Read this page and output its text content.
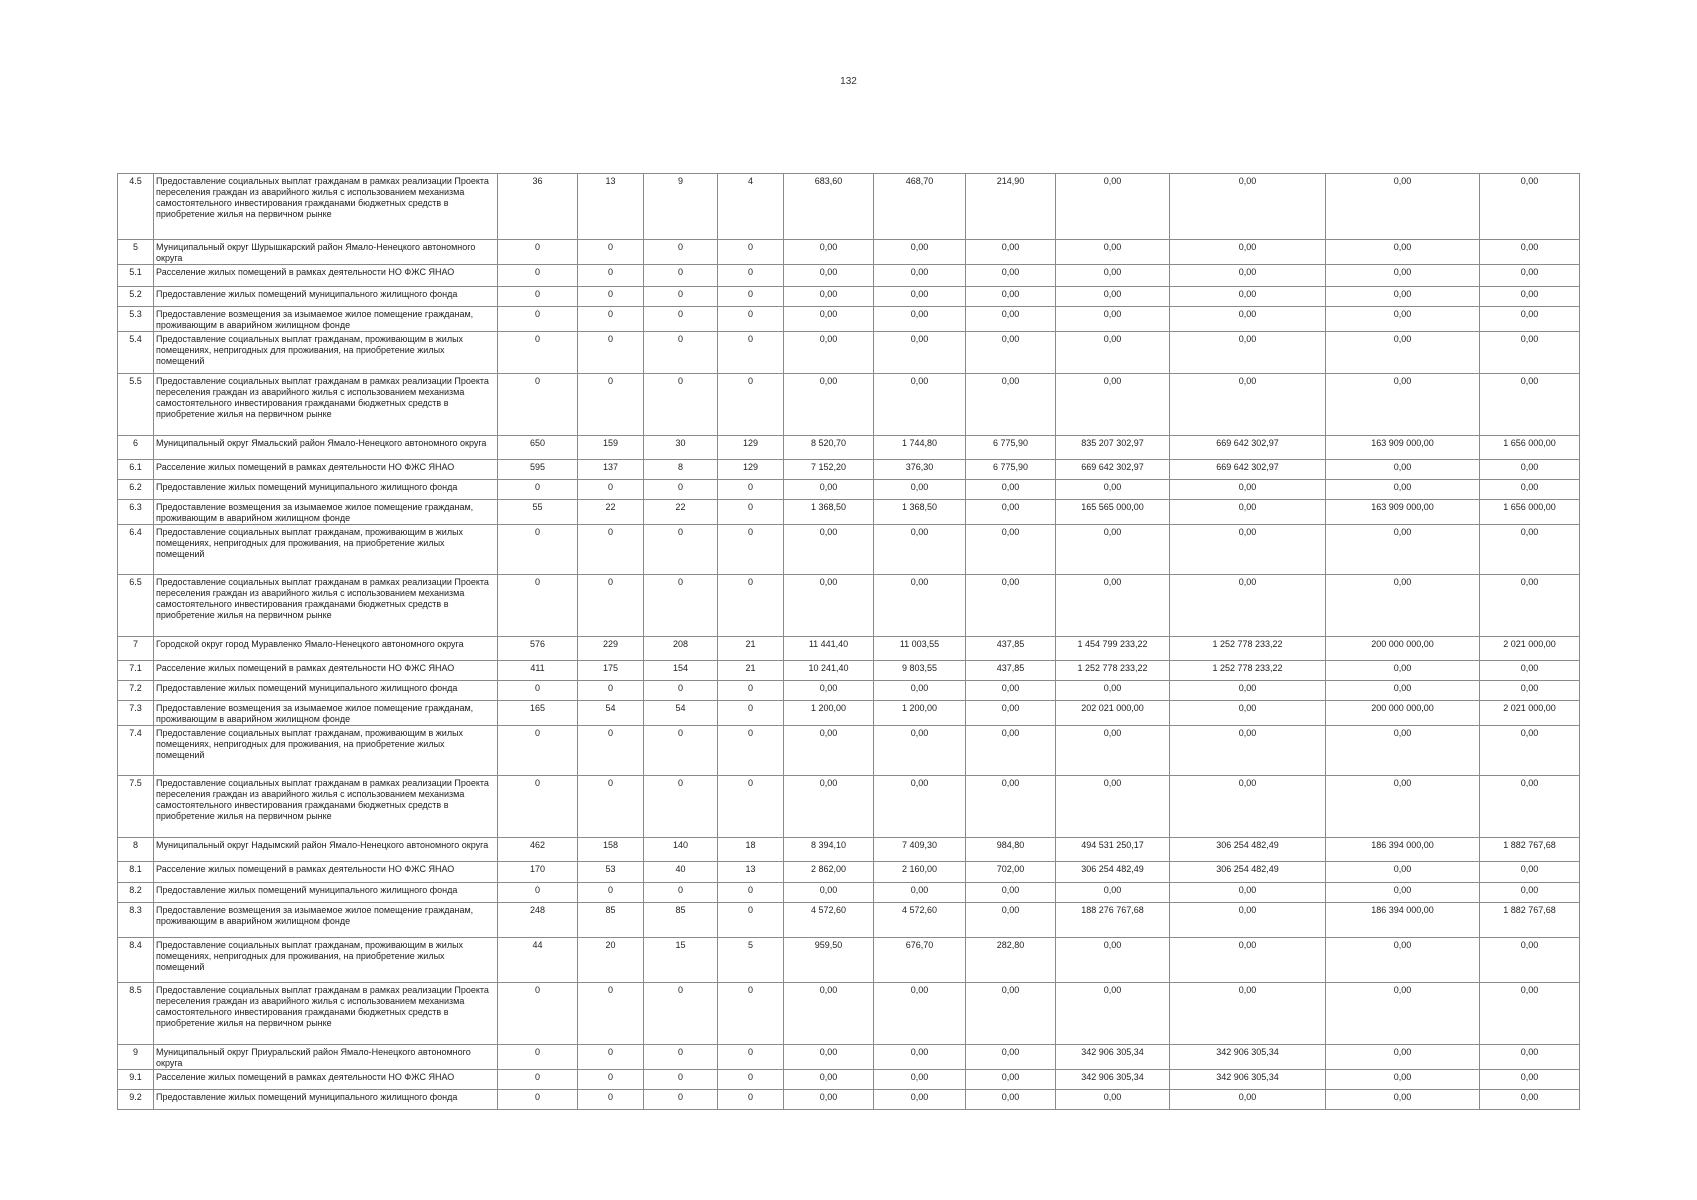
132
4.5	Предоставление социальных выплат гражданам в рамках реализации Проекта переселения граждан из аварийного жилья с использованием механизма самостоятельного инвестирования гражданами бюджетных средств в приобретение жилья на первичном рынке	36	13	9	4	683,60	468,70	214,90	0,00	0,00	0,00	0,00
5	Муниципальный округ Шурышкарский район Ямало-Ненецкого автономного округа	0	0	0	0	0,00	0,00	0,00	0,00	0,00	0,00	0,00
5.1	Расселение жилых помещений в рамках деятельности НО ФЖС ЯНАО	0	0	0	0	0,00	0,00	0,00	0,00	0,00	0,00	0,00
5.2	Предоставление жилых помещений муниципального жилищного фонда	0	0	0	0	0,00	0,00	0,00	0,00	0,00	0,00	0,00
5.3	Предоставление возмещения за изымаемое жилое помещение гражданам, проживающим в аварийном жилищном фонде	0	0	0	0	0,00	0,00	0,00	0,00	0,00	0,00	0,00
5.4	Предоставление социальных выплат гражданам, проживающим в жилых помещениях, непригодных для проживания, на приобретение жилых помещений	0	0	0	0	0,00	0,00	0,00	0,00	0,00	0,00	0,00
5.5	Предоставление социальных выплат гражданам в рамках реализации Проекта переселения граждан из аварийного жилья с использованием механизма самостоятельного инвестирования гражданами бюджетных средств в приобретение жилья на первичном рынке	0	0	0	0	0,00	0,00	0,00	0,00	0,00	0,00	0,00
6	Муниципальный округ Ямальский район Ямало-Ненецкого автономного округа	650	159	30	129	8 520,70	1 744,80	6 775,90	835 207 302,97	669 642 302,97	163 909 000,00	1 656 000,00
6.1	Расселение жилых помещений в рамках деятельности НО ФЖС ЯНАО	595	137	8	129	7 152,20	376,30	6 775,90	669 642 302,97	669 642 302,97	0,00	0,00
6.2	Предоставление жилых помещений муниципального жилищного фонда	0	0	0	0	0,00	0,00	0,00	0,00	0,00	0,00	0,00
6.3	Предоставление возмещения за изымаемое жилое помещение гражданам, проживающим в аварийном жилищном фонде	55	22	22	0	1 368,50	1 368,50	0,00	165 565 000,00	0,00	163 909 000,00	1 656 000,00
6.4	Предоставление социальных выплат гражданам, проживающим в жилых помещениях, непригодных для проживания, на приобретение жилых помещений	0	0	0	0	0,00	0,00	0,00	0,00	0,00	0,00	0,00
6.5	Предоставление социальных выплат гражданам в рамках реализации Проекта переселения граждан из аварийного жилья с использованием механизма самостоятельного инвестирования гражданами бюджетных средств в приобретение жилья на первичном рынке	0	0	0	0	0,00	0,00	0,00	0,00	0,00	0,00	0,00
7	Городской округ город Муравленко Ямало-Ненецкого автономного округа	576	229	208	21	11 441,40	11 003,55	437,85	1 454 799 233,22	1 252 778 233,22	200 000 000,00	2 021 000,00
7.1	Расселение жилых помещений в рамках деятельности НО ФЖС ЯНАО	411	175	154	21	10 241,40	9 803,55	437,85	1 252 778 233,22	1 252 778 233,22	0,00	0,00
7.2	Предоставление жилых помещений муниципального жилищного фонда	0	0	0	0	0,00	0,00	0,00	0,00	0,00	0,00	0,00
7.3	Предоставление возмещения за изымаемое жилое помещение гражданам, проживающим в аварийном жилищном фонде	165	54	54	0	1 200,00	1 200,00	0,00	202 021 000,00	0,00	200 000 000,00	2 021 000,00
7.4	Предоставление социальных выплат гражданам, проживающим в жилых помещениях, непригодных для проживания, на приобретение жилых помещений	0	0	0	0	0,00	0,00	0,00	0,00	0,00	0,00	0,00
7.5	Предоставление социальных выплат гражданам в рамках реализации Проекта переселения граждан из аварийного жилья с использованием механизма самостоятельного инвестирования гражданами бюджетных средств в приобретение жилья на первичном рынке	0	0	0	0	0,00	0,00	0,00	0,00	0,00	0,00	0,00
8	Муниципальный округ Надымский район Ямало-Ненецкого автономного округа	462	158	140	18	8 394,10	7 409,30	984,80	494 531 250,17	306 254 482,49	186 394 000,00	1 882 767,68
8.1	Расселение жилых помещений в рамках деятельности НО ФЖС ЯНАО	170	53	40	13	2 862,00	2 160,00	702,00	306 254 482,49	306 254 482,49	0,00	0,00
8.2	Предоставление жилых помещений муниципального жилищного фонда	0	0	0	0	0,00	0,00	0,00	0,00	0,00	0,00	0,00
8.3	Предоставление возмещения за изымаемое жилое помещение гражданам, проживающим в аварийном жилищном фонде	248	85	85	0	4 572,60	4 572,60	0,00	188 276 767,68	0,00	186 394 000,00	1 882 767,68
8.4	Предоставление социальных выплат гражданам, проживающим в жилых помещениях, непригодных для проживания, на приобретение жилых помещений	44	20	15	5	959,50	676,70	282,80	0,00	0,00	0,00	0,00
8.5	Предоставление социальных выплат гражданам в рамках реализации Проекта переселения граждан из аварийного жилья с использованием механизма самостоятельного инвестирования гражданами бюджетных средств в приобретение жилья на первичном рынке	0	0	0	0	0,00	0,00	0,00	0,00	0,00	0,00	0,00
9	Муниципальный округ Приуральский район Ямало-Ненецкого автономного округа	0	0	0	0	0,00	0,00	0,00	342 906 305,34	342 906 305,34	0,00	0,00
9.1	Расселение жилых помещений в рамках деятельности НО ФЖС ЯНАО	0	0	0	0	0,00	0,00	0,00	342 906 305,34	342 906 305,34	0,00	0,00
9.2	Предоставление жилых помещений муниципального жилищного фонда	0	0	0	0	0,00	0,00	0,00	0,00	0,00	0,00	0,00
